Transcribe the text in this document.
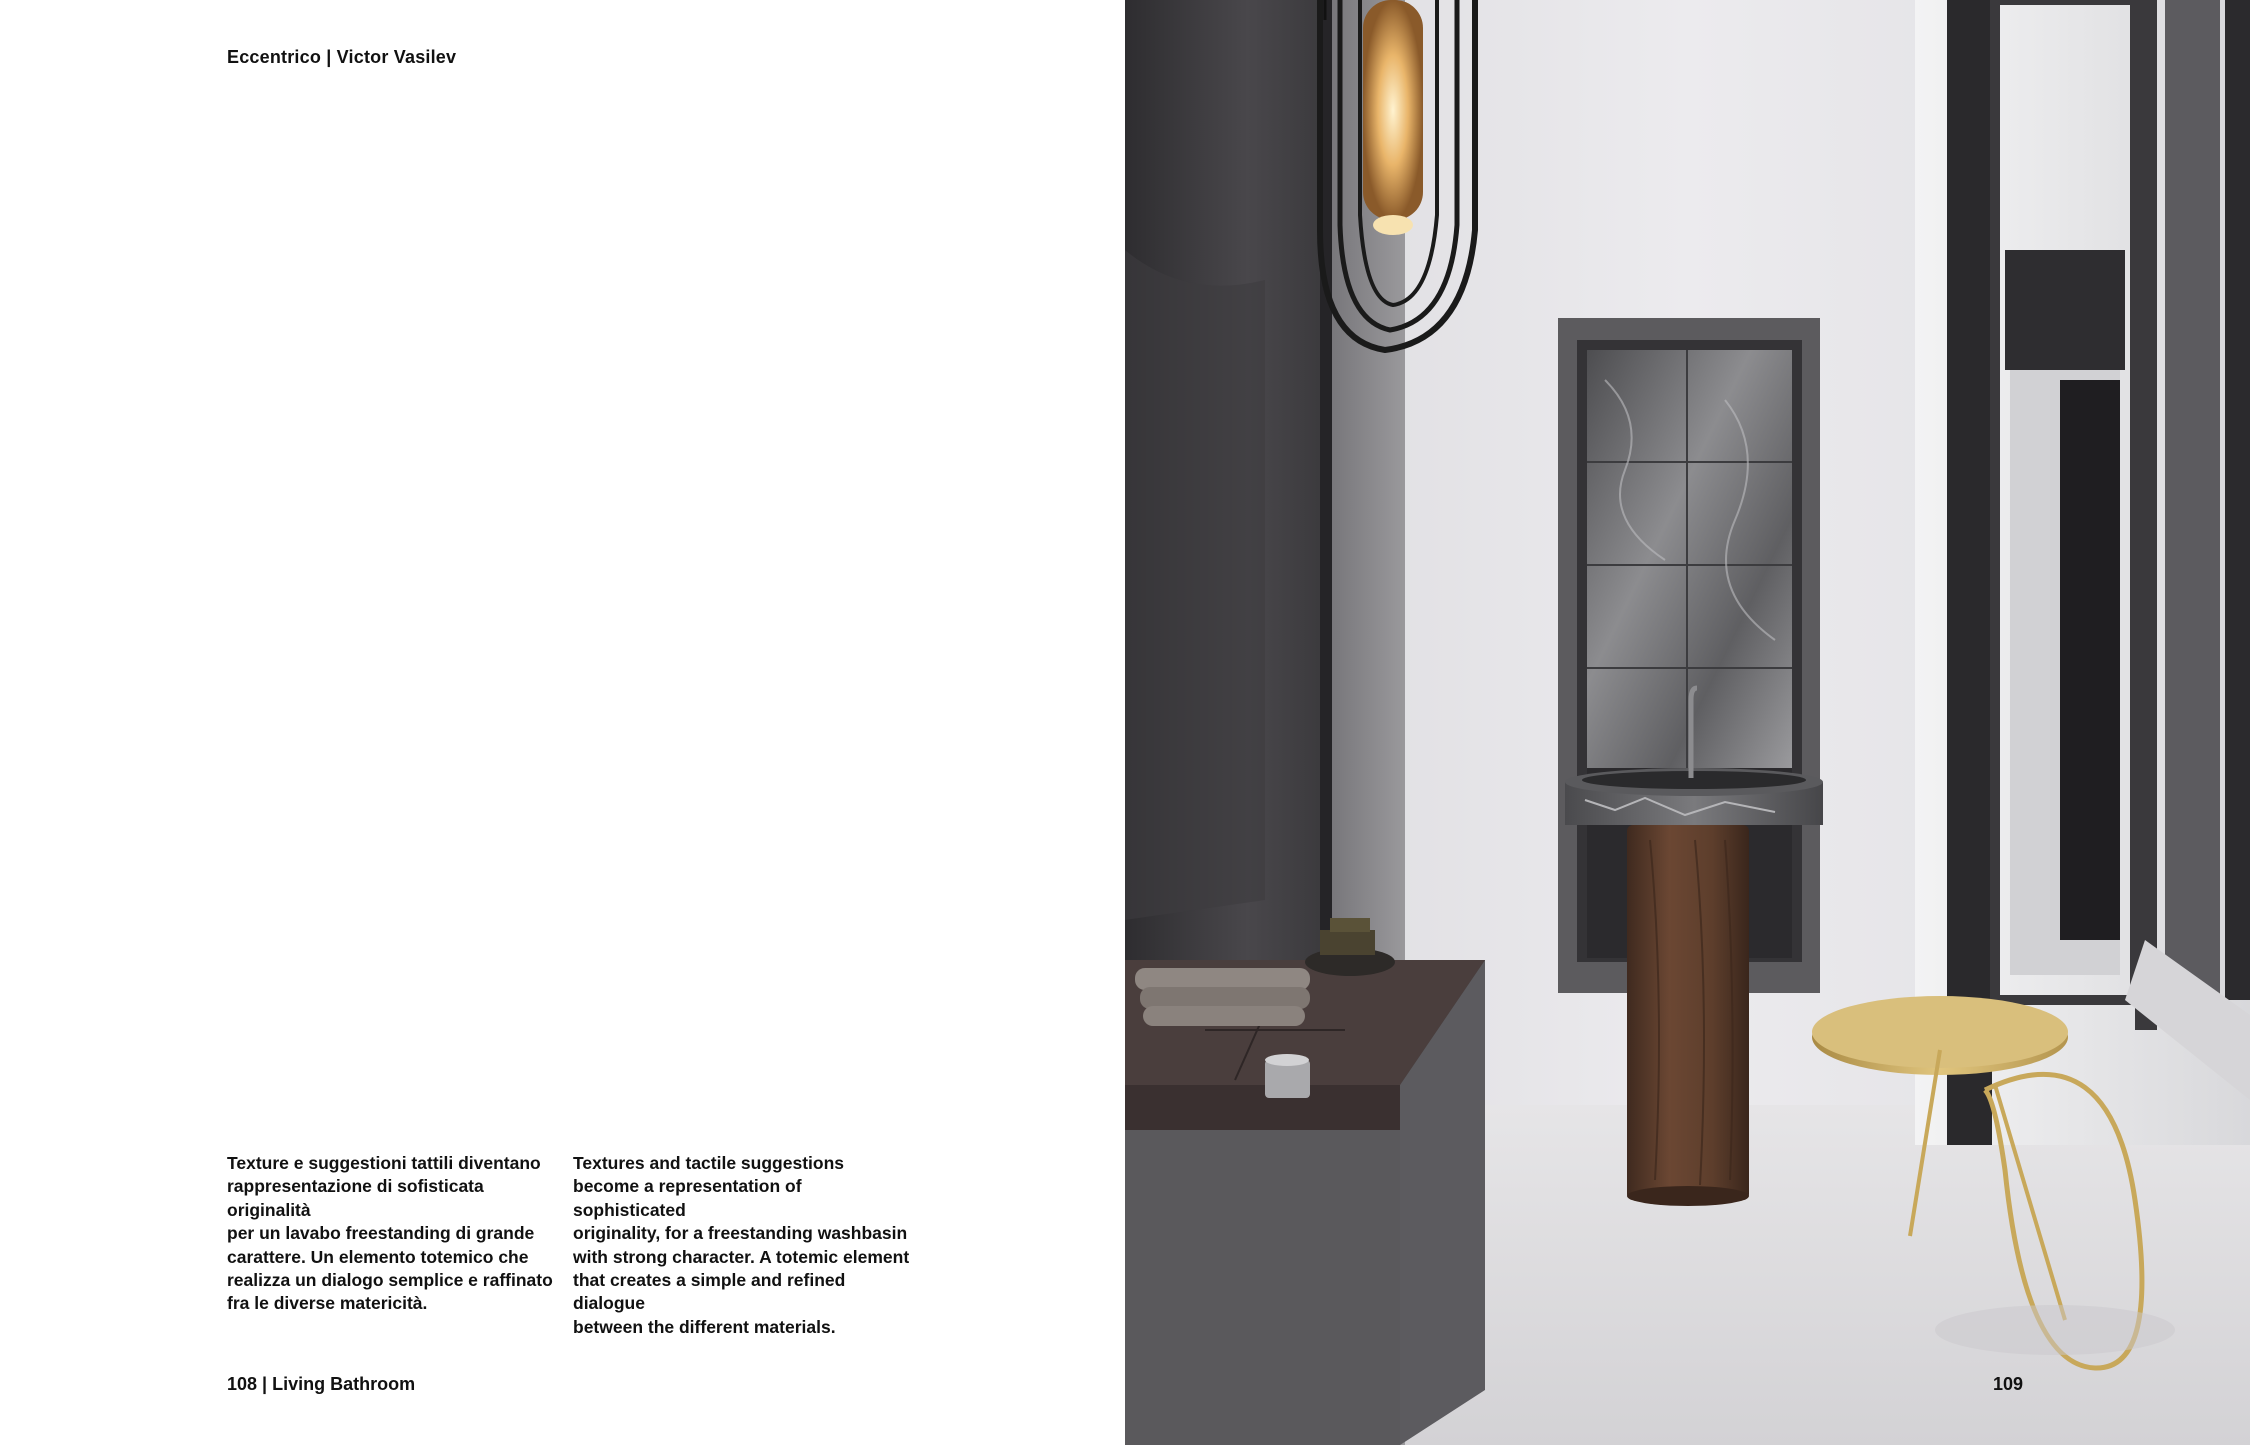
Eccentrico | Victor Vasilev

Texture e suggestioni tattili diventano
rappresentazione di sofisticata originalità
per un lavabo freestanding di grande
carattere. Un elemento totemico che
realizza un dialogo semplice e raffinato
fra le diverse matericità.

Textures and tactile suggestions
become a representation of sophisticated
originality, for a freestanding washbasin
with strong character. A totemic element
that creates a simple and refined dialogue
between the different materials.

108 | Living Bathroom	109
